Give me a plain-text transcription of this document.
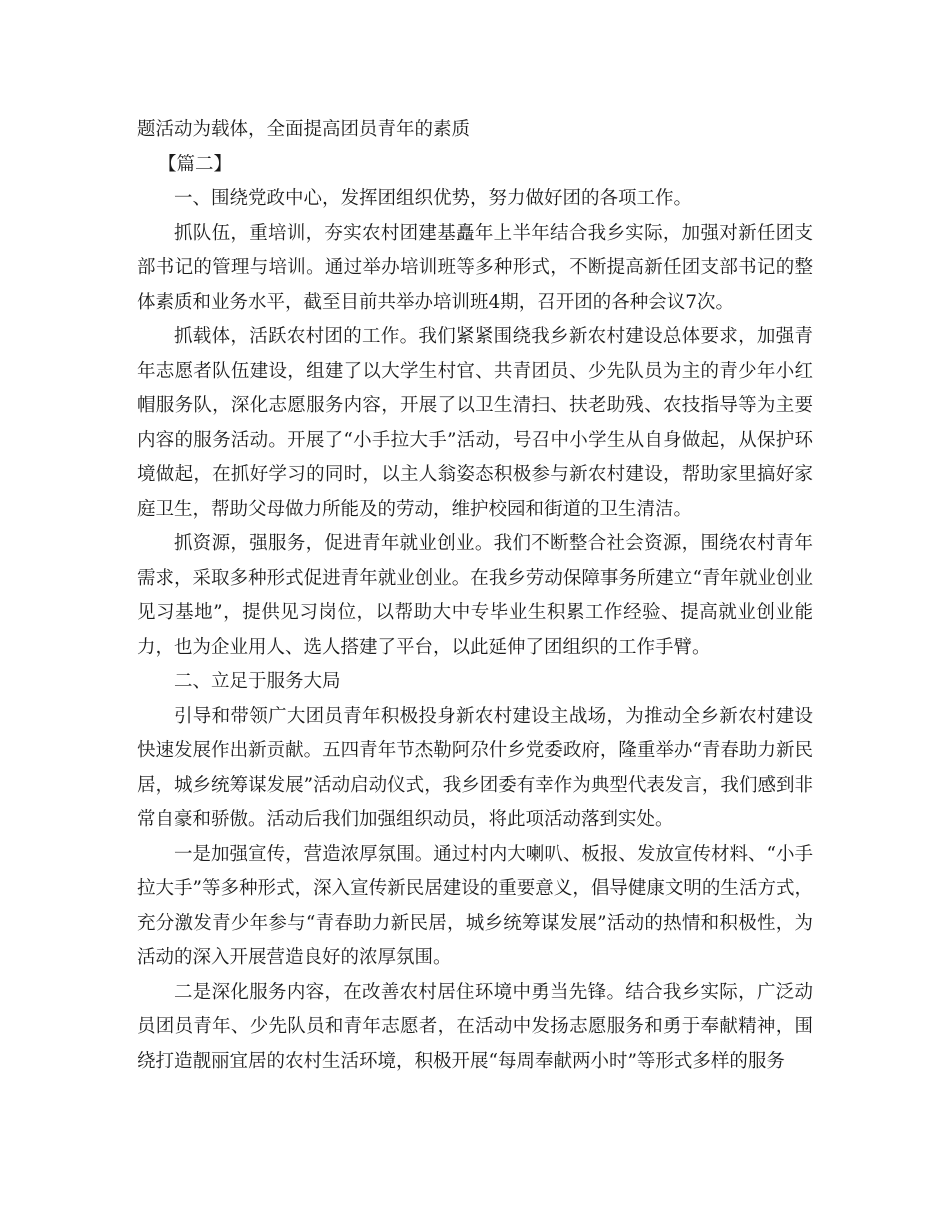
题活动为载体，全面提高团员青年的素质

【篇二】

一、围绕党政中心，发挥团组织优势，努力做好团的各项工作。

抓队伍，重培训，夯实农村团建基矗年上半年结合我乡实际，加强对新任团支部书记的管理与培训。通过举办培训班等多种形式，不断提高新任团支部书记的整体素质和业务水平，截至目前共举办培训班4期，召开团的各种会议7次。

抓载体，活跃农村团的工作。我们紧紧围绕我乡新农村建设总体要求，加强青年志愿者队伍建设，组建了以大学生村官、共青团员、少先队员为主的青少年小红帽服务队，深化志愿服务内容，开展了以卫生清扫、扶老助残、农技指导等为主要内容的服务活动。开展了“小手拉大手”活动，号召中小学生从自身做起，从保护环境做起，在抓好学习的同时，以主人翁姿态积极参与新农村建设，帮助家里搞好家庭卫生，帮助父母做力所能及的劳动，维护校园和街道的卫生清洁。

抓资源，强服务，促进青年就业创业。我们不断整合社会资源，围绕农村青年需求，采取多种形式促进青年就业创业。在我乡劳动保障事务所建立“青年就业创业见习基地”，提供见习岗位，以帮助大中专毕业生积累工作经验、提高就业创业能力，也为企业用人、选人搭建了平台，以此延伸了团组织的工作手臂。

二、立足于服务大局

引导和带领广大团员青年积极投身新农村建设主战场，为推动全乡新农村建设快速发展作出新贡献。五四青年节杰勒阿尕什乡党委政府，隆重举办“青春助力新民居，城乡统筹谋发展”活动启动仪式，我乡团委有幸作为典型代表发言，我们感到非常自豪和骄傲。活动后我们加强组织动员，将此项活动落到实处。

一是加强宣传，营造浓厚氛围。通过村内大喇叭、板报、发放宣传材料、“小手拉大手”等多种形式，深入宣传新民居建设的重要意义，倡导健康文明的生活方式，充分激发青少年参与“青春助力新民居，城乡统筹谋发展”活动的热情和积极性，为活动的深入开展营造良好的浓厚氛围。

二是深化服务内容，在改善农村居住环境中勇当先锋。结合我乡实际，广泛动员团员青年、少先队员和青年志愿者，在活动中发扬志愿服务和勇于奉献精神，围绕打造靓丽宜居的农村生活环境，积极开展“每周奉献两小时”等形式多样的服务
